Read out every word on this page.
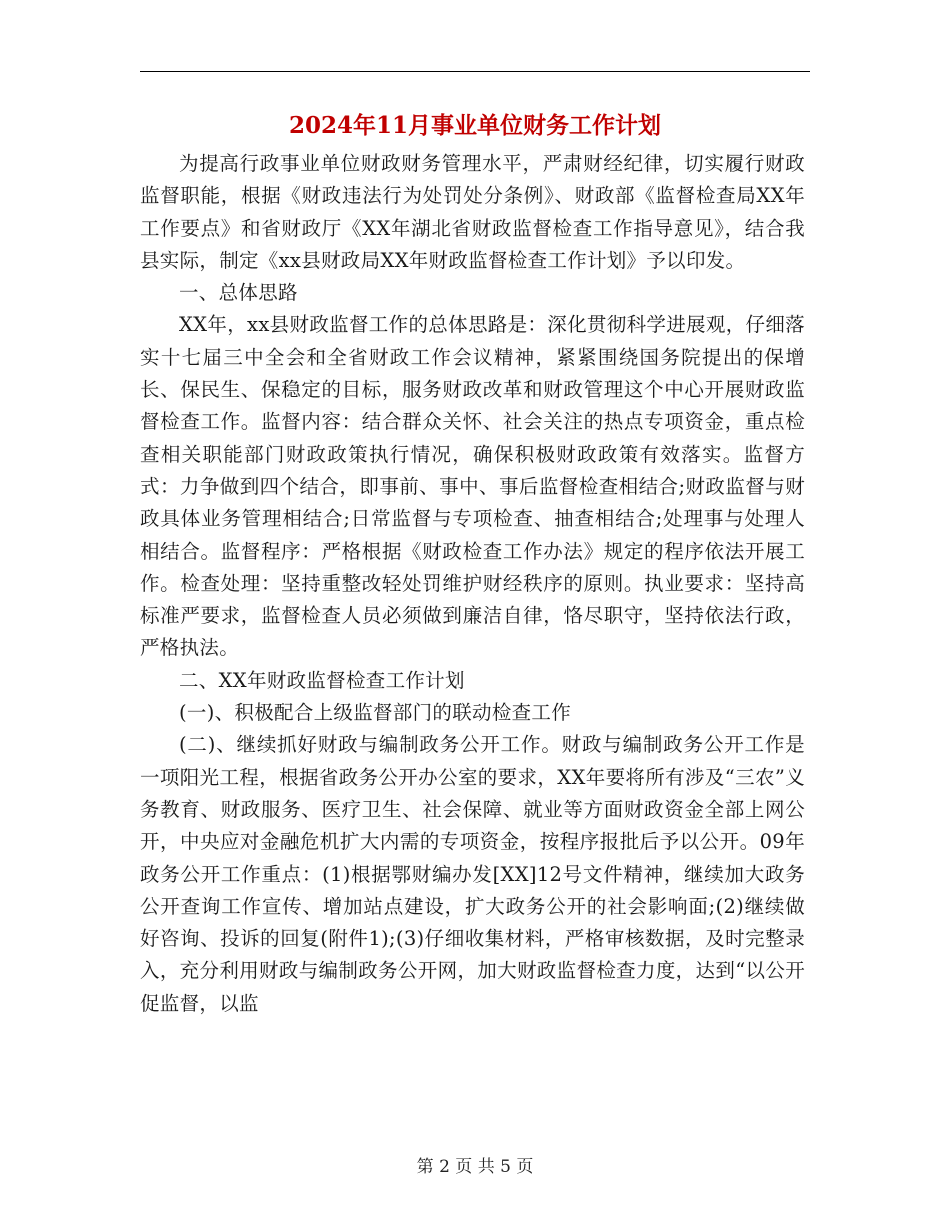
2024年11月事业单位财务工作计划

为提高行政事业单位财政财务管理水平，严肃财经纪律，切实履行财政监督职能，根据《财政违法行为处罚处分条例》、财政部《监督检查局XX年工作要点》和省财政厅《XX年湖北省财政监督检查工作指导意见》，结合我县实际，制定《xx县财政局XX年财政监督检查工作计划》予以印发。

一、总体思路

XX年，xx县财政监督工作的总体思路是：深化贯彻科学进展观，仔细落实十七届三中全会和全省财政工作会议精神，紧紧围绕国务院提出的保增长、保民生、保稳定的目标，服务财政改革和财政管理这个中心开展财政监督检查工作。监督内容：结合群众关怀、社会关注的热点专项资金，重点检查相关职能部门财政政策执行情况，确保积极财政政策有效落实。监督方式：力争做到四个结合，即事前、事中、事后监督检查相结合;财政监督与财政具体业务管理相结合;日常监督与专项检查、抽查相结合;处理事与处理人相结合。监督程序：严格根据《财政检查工作办法》规定的程序依法开展工作。检查处理：坚持重整改轻处罚维护财经秩序的原则。执业要求：坚持高标准严要求，监督检查人员必须做到廉洁自律，恪尽职守，坚持依法行政，严格执法。

二、XX年财政监督检查工作计划

(一)、积极配合上级监督部门的联动检查工作

(二)、继续抓好财政与编制政务公开工作。财政与编制政务公开工作是一项阳光工程，根据省政务公开办公室的要求，XX年要将所有涉及“三农”义务教育、财政服务、医疗卫生、社会保障、就业等方面财政资金全部上网公开，中央应对金融危机扩大内需的专项资金，按程序报批后予以公开。09年政务公开工作重点：(1)根据鄂财编办发[XX]12号文件精神，继续加大政务公开查询工作宣传、增加站点建设，扩大政务公开的社会影响面;(2)继续做好咨询、投诉的回复(附件1);(3)仔细收集材料，严格审核数据，及时完整录入，充分利用财政与编制政务公开网，加大财政监督检查力度，达到“以公开促监督，以监

第 2 页 共 5 页
